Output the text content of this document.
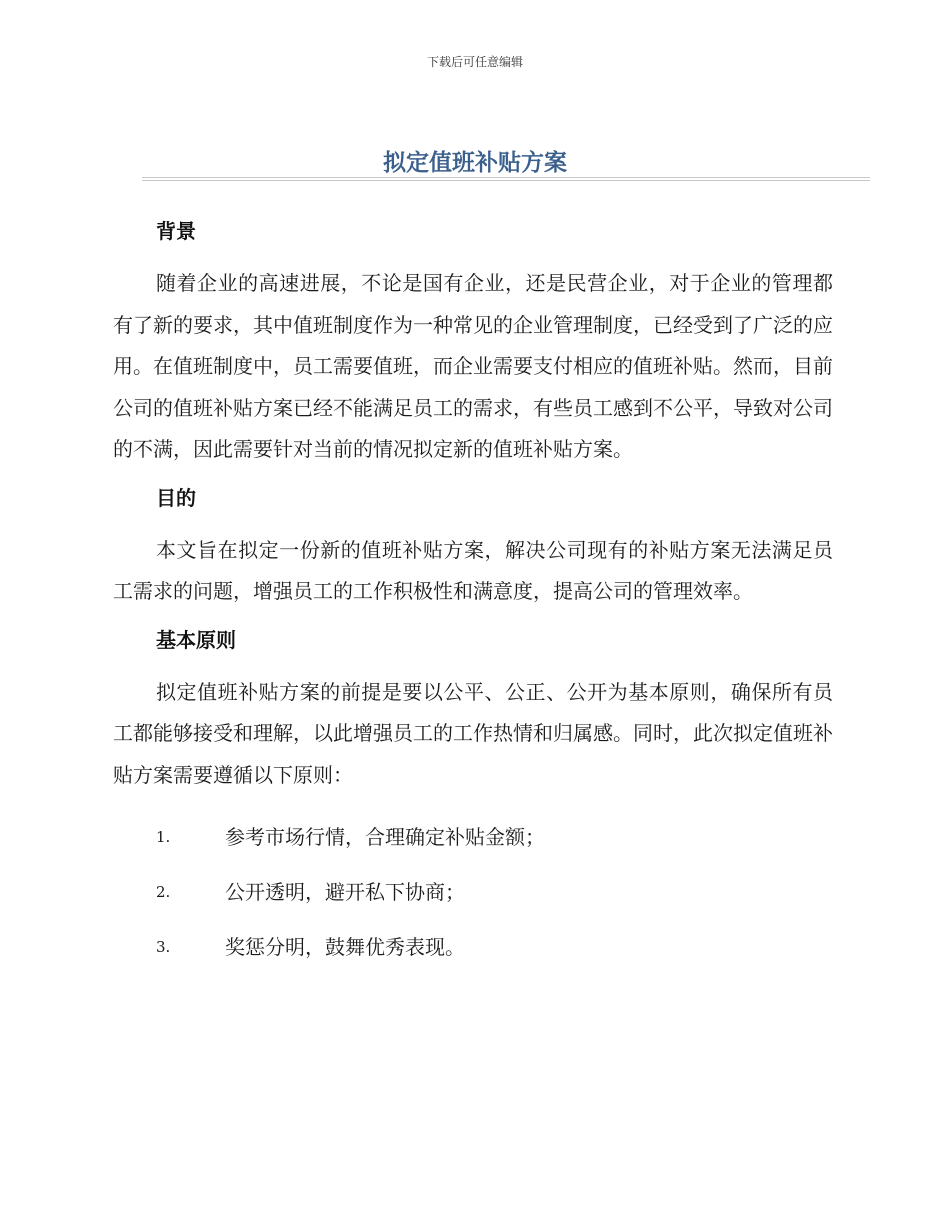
下载后可任意编辑
拟定值班补贴方案
背景

随着企业的高速进展，不论是国有企业，还是民营企业，对于企业的管理都有了新的要求，其中值班制度作为一种常见的企业管理制度，已经受到了广泛的应用。在值班制度中，员工需要值班，而企业需要支付相应的值班补贴。然而，目前公司的值班补贴方案已经不能满足员工的需求，有些员工感到不公平，导致对公司的不满，因此需要针对当前的情况拟定新的值班补贴方案。

目的

本文旨在拟定一份新的值班补贴方案，解决公司现有的补贴方案无法满足员工需求的问题，增强员工的工作积极性和满意度，提高公司的管理效率。

基本原则

拟定值班补贴方案的前提是要以公平、公正、公开为基本原则，确保所有员工都能够接受和理解，以此增强员工的工作热情和归属感。同时，此次拟定值班补贴方案需要遵循以下原则：

1.	参考市场行情，合理确定补贴金额；
2.	公开透明，避开私下协商；
3.	奖惩分明，鼓舞优秀表现。
